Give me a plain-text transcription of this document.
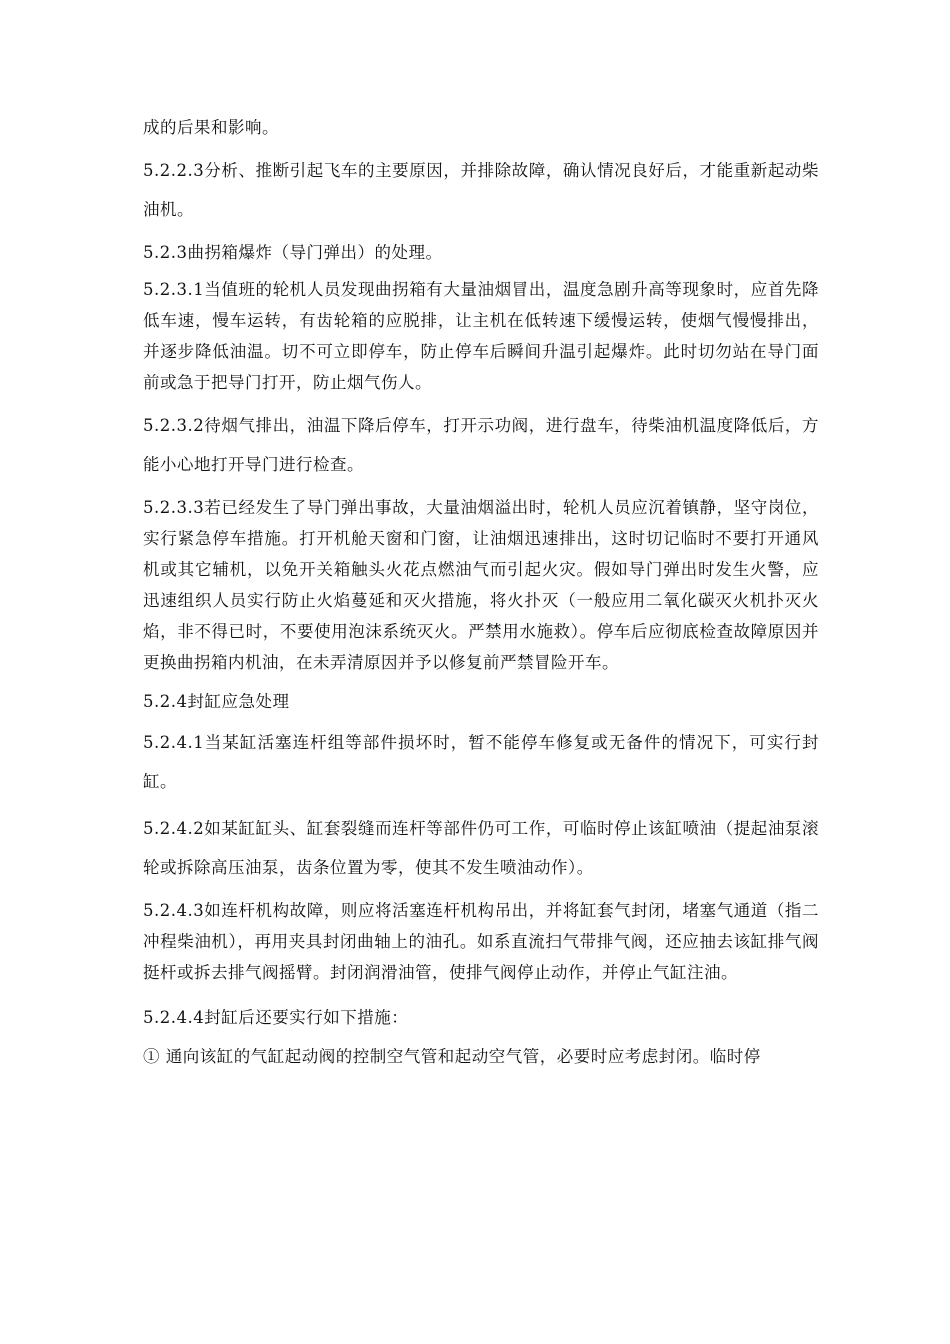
成的后果和影响。

5.2.2.3分析、推断引起飞车的主要原因，并排除故障，确认情况良好后，才能重新起动柴油机。

5.2.3曲拐箱爆炸（导门弹出）的处理。

5.2.3.1当值班的轮机人员发现曲拐箱有大量油烟冒出，温度急剧升高等现象时，应首先降低车速，慢车运转，有齿轮箱的应脱排，让主机在低转速下缓慢运转，使烟气慢慢排出，并逐步降低油温。切不可立即停车，防止停车后瞬间升温引起爆炸。此时切勿站在导门面前或急于把导门打开，防止烟气伤人。

5.2.3.2待烟气排出，油温下降后停车，打开示功阀，进行盘车，待柴油机温度降低后，方能小心地打开导门进行检查。

5.2.3.3若已经发生了导门弹出事故，大量油烟溢出时，轮机人员应沉着镇静，坚守岗位，实行紧急停车措施。打开机舱天窗和门窗，让油烟迅速排出，这时切记临时不要打开通风机或其它辅机，以免开关箱触头火花点燃油气而引起火灾。假如导门弹出时发生火警，应迅速组织人员实行防止火焰蔓延和灭火措施，将火扑灭（一般应用二氧化碳灭火机扑灭火焰，非不得已时，不要使用泡沫系统灭火。严禁用水施救）。停车后应彻底检查故障原因并更换曲拐箱内机油，在未弄清原因并予以修复前严禁冒险开车。

5.2.4封缸应急处理

5.2.4.1当某缸活塞连杆组等部件损坏时，暂不能停车修复或无备件的情况下，可实行封缸。

5.2.4.2如某缸缸头、缸套裂缝而连杆等部件仍可工作，可临时停止该缸喷油（提起油泵滚轮或拆除高压油泵，齿条位置为零，使其不发生喷油动作）。

5.2.4.3如连杆机构故障，则应将活塞连杆机构吊出，并将缸套气封闭，堵塞气通道（指二冲程柴油机），再用夹具封闭曲轴上的油孔。如系直流扫气带排气阀，还应抽去该缸排气阀挺杆或拆去排气阀摇臂。封闭润滑油管，使排气阀停止动作，并停止气缸注油。

5.2.4.4封缸后还要实行如下措施：

① 通向该缸的气缸起动阀的控制空气管和起动空气管，必要时应考虑封闭。临时停
